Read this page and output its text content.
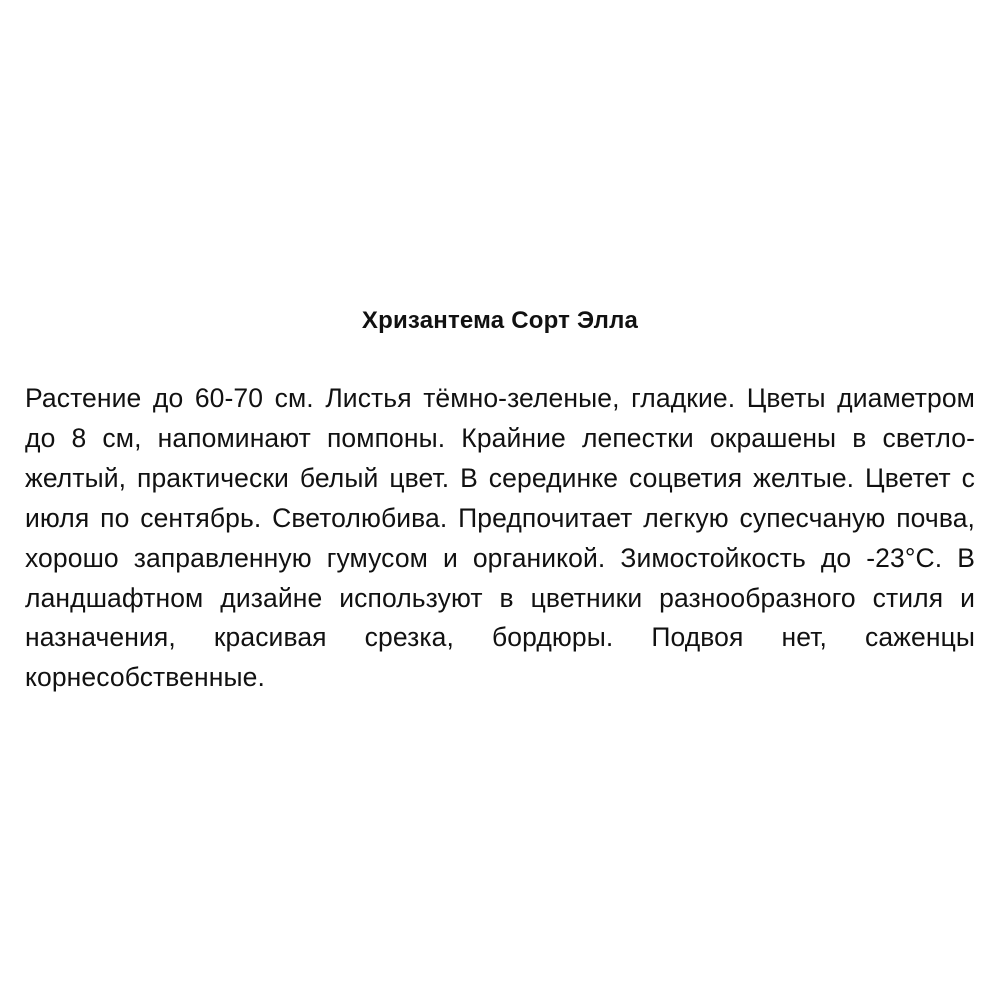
Хризантема Сорт Элла

Растение до 60-70 см. Листья тёмно-зеленые, гладкие. Цветы диаметром до 8 см, напоминают помпоны. Крайние лепестки окрашены в светло-желтый, практически белый цвет. В серединке соцветия желтые. Цветет с июля по сентябрь. Светолюбива. Предпочитает легкую супесчаную почва, хорошо заправленную гумусом и органикой. Зимостойкость до -23°C. В ландшафтном дизайне используют в цветники разнообразного стиля и назначения, красивая срезка, бордюры. Подвоя нет, саженцы корнесобственные.
